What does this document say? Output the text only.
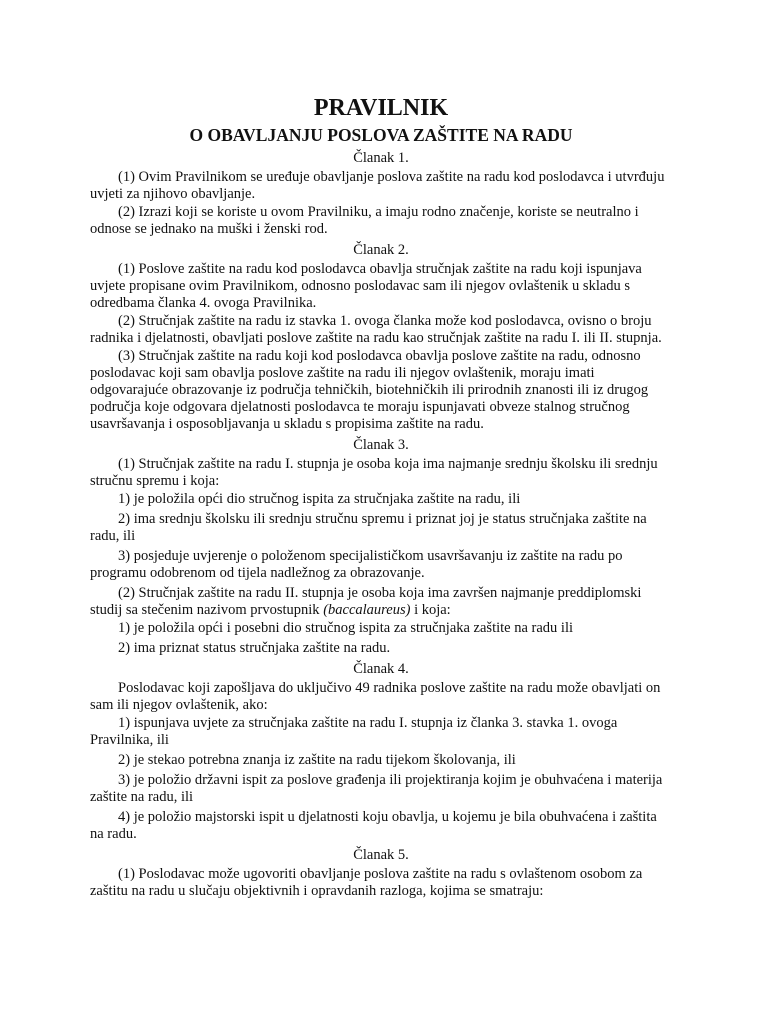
PRAVILNIK
O OBAVLJANJU POSLOVA ZAŠTITE NA RADU
Članak 1.

(1) Ovim Pravilnikom se uređuje obavljanje poslova zaštite na radu kod poslodavca i utvrđuju uvjeti za njihovo obavljanje.

(2) Izrazi koji se koriste u ovom Pravilniku, a imaju rodno značenje, koriste se neutralno i odnose se jednako na muški i ženski rod.

Članak 2.

(1) Poslove zaštite na radu kod poslodavca obavlja stručnjak zaštite na radu koji ispunjava uvjete propisane ovim Pravilnikom, odnosno poslodavac sam ili njegov ovlaštenik u skladu s odredbama članka 4. ovoga Pravilnika.

(2) Stručnjak zaštite na radu iz stavka 1. ovoga članka može kod poslodavca, ovisno o broju radnika i djelatnosti, obavljati poslove zaštite na radu kao stručnjak zaštite na radu I. ili II. stupnja.

(3) Stručnjak zaštite na radu koji kod poslodavca obavlja poslove zaštite na radu, odnosno poslodavac koji sam obavlja poslove zaštite na radu ili njegov ovlaštenik, moraju imati odgovarajuće obrazovanje iz područja tehničkih, biotehničkih ili prirodnih znanosti ili iz drugog područja koje odgovara djelatnosti poslodavca te moraju ispunjavati obveze stalnog stručnog usavršavanja i osposobljavanja u skladu s propisima zaštite na radu.

Članak 3.

(1) Stručnjak zaštite na radu I. stupnja je osoba koja ima najmanje srednju školsku ili srednju stručnu spremu i koja:

1) je položila opći dio stručnog ispita za stručnjaka zaštite na radu, ili

2) ima srednju školsku ili srednju stručnu spremu i priznat joj je status stručnjaka zaštite na radu, ili

3) posjeduje uvjerenje o položenom specijalističkom usavršavanju iz zaštite na radu po programu odobrenom od tijela nadležnog za obrazovanje.

(2) Stručnjak zaštite na radu II. stupnja je osoba koja ima završen najmanje preddiplomski studij sa stečenim nazivom prvostupnik (baccalaureus) i koja:

1) je položila opći i posebni dio stručnog ispita za stručnjaka zaštite na radu ili

2) ima priznat status stručnjaka zaštite na radu.

Članak 4.

Poslodavac koji zapošljava do uključivo 49 radnika poslove zaštite na radu može obavljati on sam ili njegov ovlaštenik, ako:

1) ispunjava uvjete za stručnjaka zaštite na radu I. stupnja iz članka 3. stavka 1. ovoga Pravilnika, ili

2) je stekao potrebna znanja iz zaštite na radu tijekom školovanja, ili

3) je položio državni ispit za poslove građenja ili projektiranja kojim je obuhvaćena i materija zaštite na radu, ili

4) je položio majstorski ispit u djelatnosti koju obavlja, u kojemu je bila obuhvaćena i zaštita na radu.

Članak 5.

(1) Poslodavac može ugovoriti obavljanje poslova zaštite na radu s ovlaštenom osobom za zaštitu na radu u slučaju objektivnih i opravdanih razloga, kojima se smatraju:
